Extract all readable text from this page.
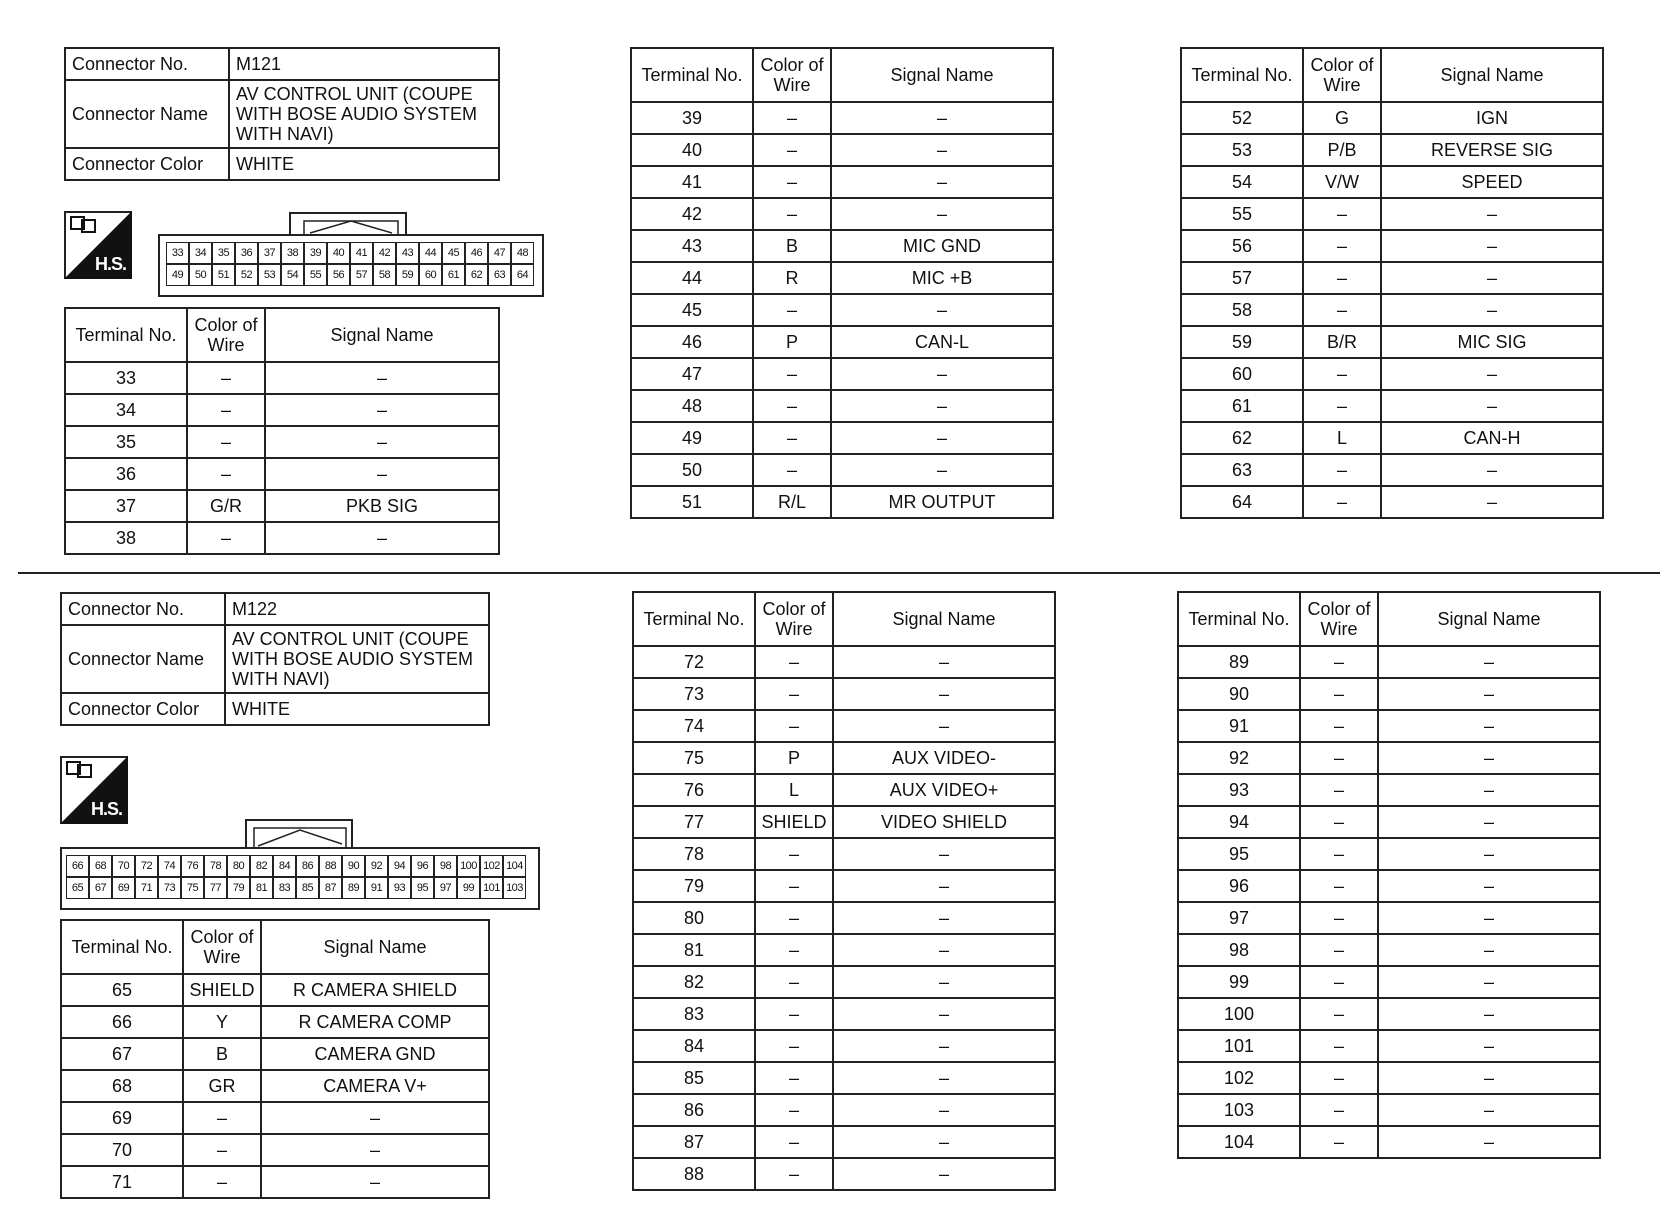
Connector No.	M121
Connector Name	AV CONTROL UNIT (COUPE WITH BOSE AUDIO SYSTEM WITH NAVI)
Connector Color	WHITE
H.S.
33	34	35	36	37	38	39	40	41	42	43	44	45	46	47	48
49	50	51	52	53	54	55	56	57	58	59	60	61	62	63	64
Terminal No.	Color of Wire	Signal Name
33	–	–
34	–	–
35	–	–
36	–	–
37	G/R	PKB SIG
38	–	–
Terminal No.	Color of Wire	Signal Name
39	–	–
40	–	–
41	–	–
42	–	–
43	B	MIC GND
44	R	MIC +B
45	–	–
46	P	CAN-L
47	–	–
48	–	–
49	–	–
50	–	–
51	R/L	MR OUTPUT
Terminal No.	Color of Wire	Signal Name
52	G	IGN
53	P/B	REVERSE SIG
54	V/W	SPEED
55	–	–
56	–	–
57	–	–
58	–	–
59	B/R	MIC SIG
60	–	–
61	–	–
62	L	CAN-H
63	–	–
64	–	–
Connector No.	M122
Connector Name	AV CONTROL UNIT (COUPE WITH BOSE AUDIO SYSTEM WITH NAVI)
Connector Color	WHITE
H.S.
66	68	70	72	74	76	78	80	82	84	86	88	90	92	94	96	98 100 102 104
65	67	69	71	73	75	77	79	81	83	85	87	89	91	93	95	97	99 101 103
Terminal No.	Color of Wire	Signal Name
65	SHIELD	R CAMERA SHIELD
66	Y	R CAMERA COMP
67	B	CAMERA GND
68	GR	CAMERA V+
69	–	–
70	–	–
71	–	–
Terminal No.	Color of Wire	Signal Name
72	–	–
73	–	–
74	–	–
75	P	AUX VIDEO-
76	L	AUX VIDEO+
77	SHIELD	VIDEO SHIELD
78	–	–
79	–	–
80	–	–
81	–	–
82	–	–
83	–	–
84	–	–
85	–	–
86	–	–
87	–	–
88	–	–
Terminal No.	Color of Wire	Signal Name
89	–	–
90	–	–
91	–	–
92	–	–
93	–	–
94	–	–
95	–	–
96	–	–
97	–	–
98	–	–
99	–	–
100	–	–
101	–	–
102	–	–
103	–	–
104	–	–
